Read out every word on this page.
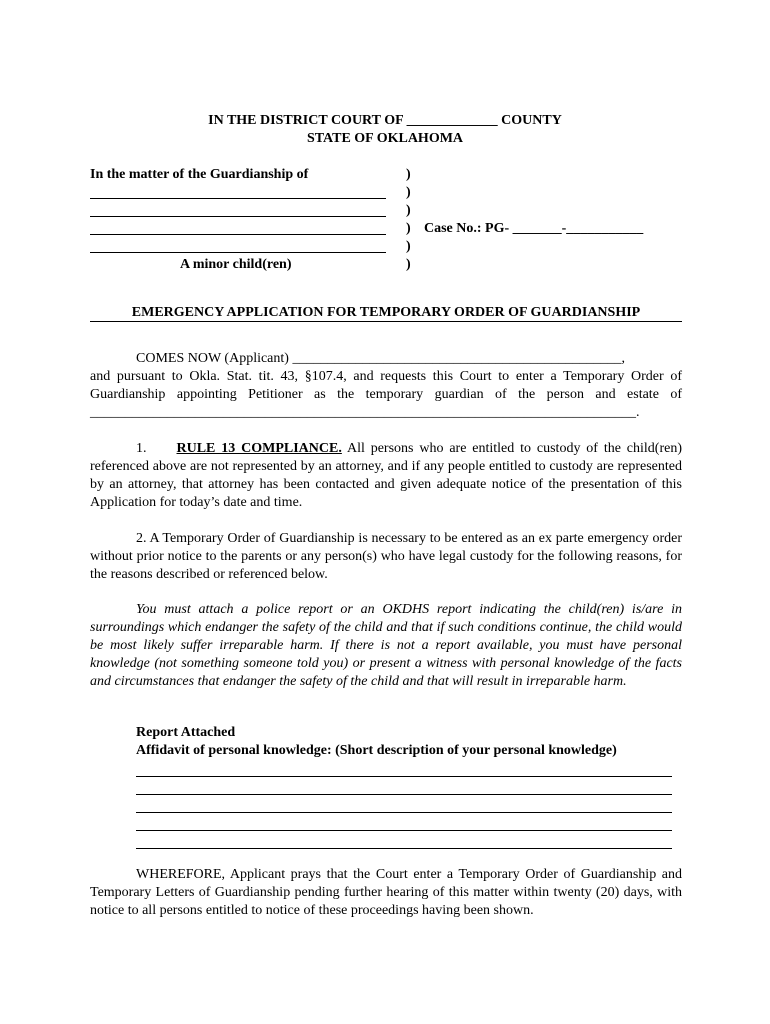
IN THE DISTRICT COURT OF _____________ COUNTY
STATE OF OKLAHOMA
In the matter of the Guardianship of
A minor child(ren)
)
)
)
)
)
)
Case No.: PG- _______-___________
EMERGENCY APPLICATION FOR TEMPORARY ORDER OF GUARDIANSHIP
COMES NOW (Applicant) _______________________________________________,
and pursuant to Okla. Stat. tit. 43, §107.4, and requests this Court to enter a Temporary Order of Guardianship appointing Petitioner as the temporary guardian of the person and estate of ______________________________________________________________________________.
1. RULE 13 COMPLIANCE. All persons who are entitled to custody of the child(ren) referenced above are not represented by an attorney, and if any people entitled to custody are represented by an attorney, that attorney has been contacted and given adequate notice of the presentation of this Application for today’s date and time.
2. A Temporary Order of Guardianship is necessary to be entered as an ex parte emergency order without prior notice to the parents or any person(s) who have legal custody for the following reasons, for the reasons described or referenced below.
You must attach a police report or an OKDHS report indicating the child(ren) is/are in surroundings which endanger the safety of the child and that if such conditions continue, the child would be most likely suffer irreparable harm. If there is not a report available, you must have personal knowledge (not something someone told you) or present a witness with personal knowledge of the facts and circumstances that endanger the safety of the child and that will result in irreparable harm.
Report Attached
Affidavit of personal knowledge: (Short description of your personal knowledge)
WHEREFORE, Applicant prays that the Court enter a Temporary Order of Guardianship and Temporary Letters of Guardianship pending further hearing of this matter within twenty (20) days, with notice to all persons entitled to notice of these proceedings having been shown.
